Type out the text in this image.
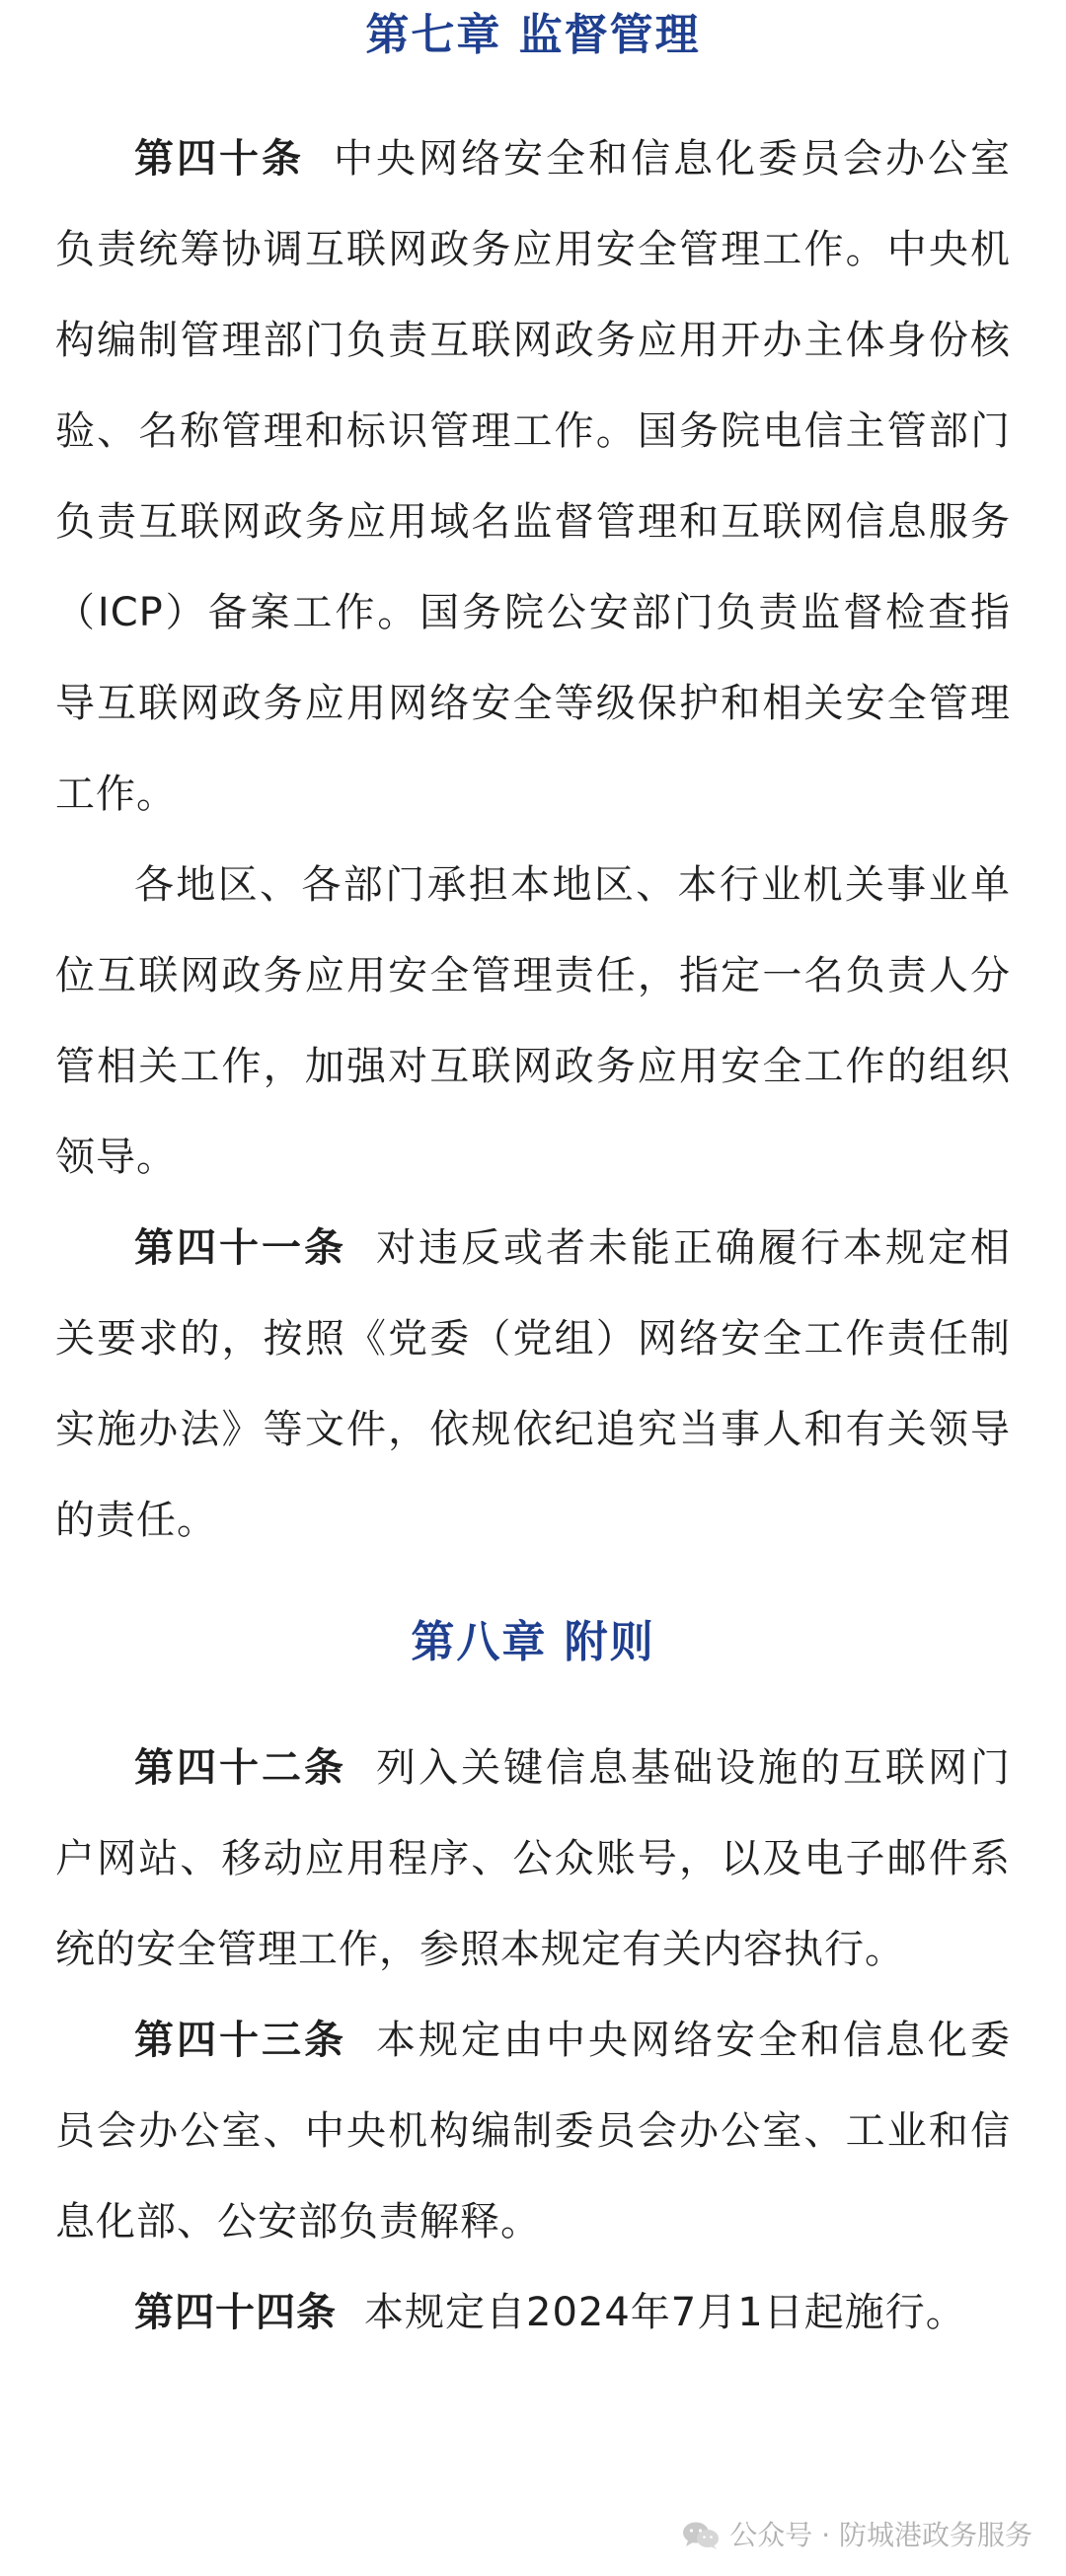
第七章 监督管理

第四十条 中央网络安全和信息化委员会办公室负责统筹协调互联网政务应用安全管理工作。中央机构编制管理部门负责互联网政务应用开办主体身份核验、名称管理和标识管理工作。国务院电信主管部门负责互联网政务应用域名监督管理和互联网信息服务（ICP）备案工作。国务院公安部门负责监督检查指导互联网政务应用网络安全等级保护和相关安全管理工作。

各地区、各部门承担本地区、本行业机关事业单位互联网政务应用安全管理责任，指定一名负责人分管相关工作，加强对互联网政务应用安全工作的组织领导。

第四十一条 对违反或者未能正确履行本规定相关要求的，按照《党委（党组）网络安全工作责任制实施办法》等文件，依规依纪追究当事人和有关领导的责任。

第八章 附则

第四十二条 列入关键信息基础设施的互联网门户网站、移动应用程序、公众账号，以及电子邮件系统的安全管理工作，参照本规定有关内容执行。

第四十三条 本规定由中央网络安全和信息化委员会办公室、中央机构编制委员会办公室、工业和信息化部、公安部负责解释。

第四十四条 本规定自2024年7月1日起施行。

公众号 · 防城港政务服务
